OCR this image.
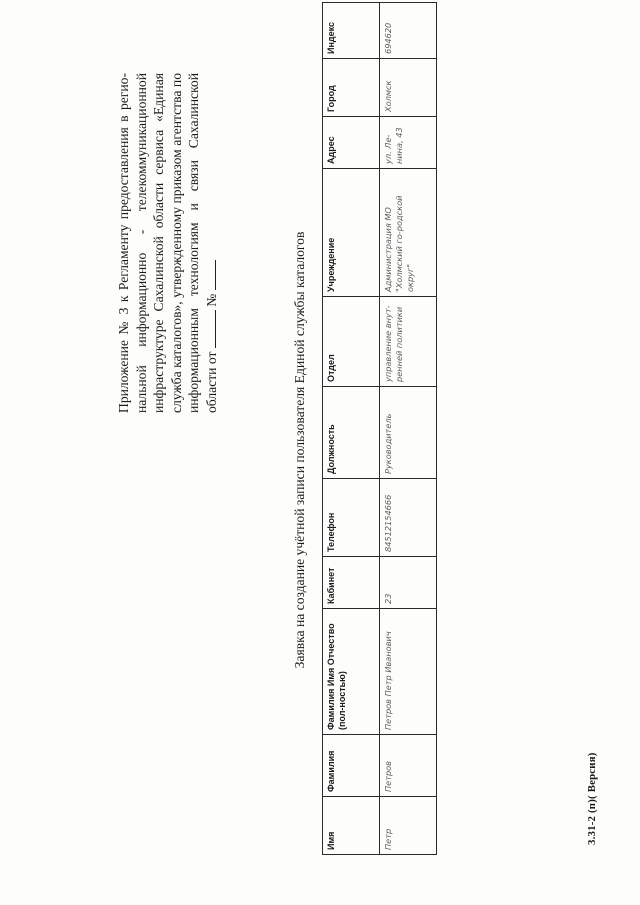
Приложение № 3 к Регламенту предоставления в региональной информационно - телекоммуникационной инфраструктуре Сахалинской области сервиса «Единая служба каталогов», утвержденному приказом агентства по информационным технологиям и связи Сахалинской области от  №	Заявка на создание учётной записи пользователя Единой службы каталогов
Имя	Фамилия	Фамилия Имя Отчество (пол-ностью)	Кабинет	Телефон	Должность	Отдел	Учреждение	Адрес	Город	Индекс
Петр	Петров	Петров Петр Иванович	23	84512154666	Руководитель	управление внут-ренней политики	Администрация МО "Холмский го-родской округ"	ул. Ле-нина, 43	Холмск	694620
3.31-2 (п)( Версия)
